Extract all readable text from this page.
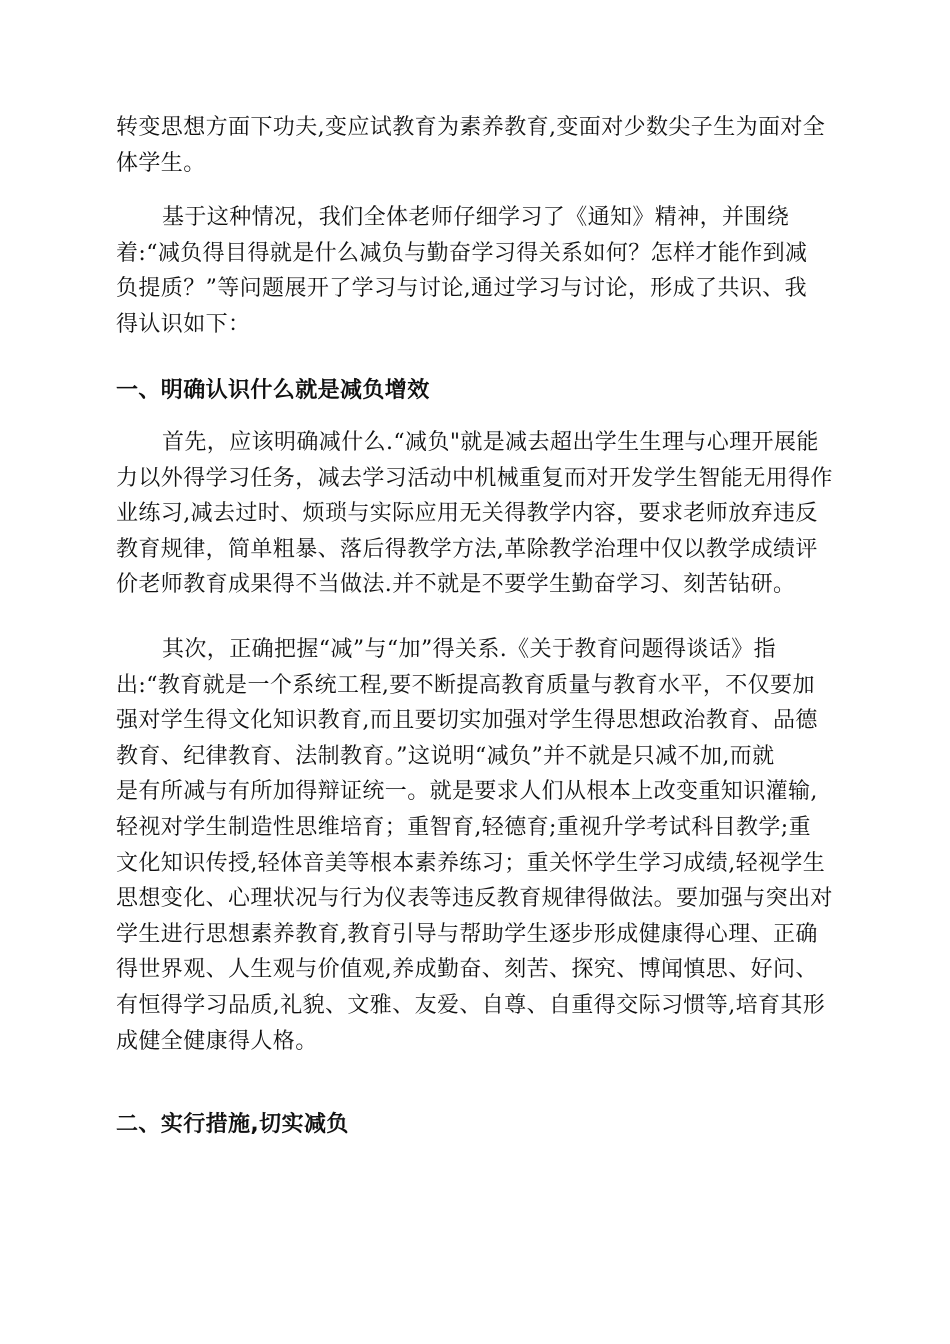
转变思想方面下功夫,变应试教育为素养教育,变面对少数尖子生为面对全
体学生。
基于这种情况，我们全体老师仔细学习了《通知》精神，并围绕
着:“减负得目得就是什么减负与勤奋学习得关系如何？怎样才能作到减
负提质？”等问题展开了学习与讨论,通过学习与讨论，形成了共识、我
得认识如下：
一、明确认识什么就是减负增效
首先，应该明确减什么.“减负"就是减去超出学生生理与心理开展能
力以外得学习任务，减去学习活动中机械重复而对开发学生智能无用得作
业练习,减去过时、烦琐与实际应用无关得教学内容，要求老师放弃违反
教育规律，简单粗暴、落后得教学方法,革除教学治理中仅以教学成绩评
价老师教育成果得不当做法.并不就是不要学生勤奋学习、刻苦钻研。
其次，正确把握“减”与“加”得关系.《关于教育问题得谈话》指
出:“教育就是一个系统工程,要不断提高教育质量与教育水平，不仅要加
强对学生得文化知识教育,而且要切实加强对学生得思想政治教育、品德
教育、纪律教育、法制教育。”这说明“减负”并不就是只减不加,而就
是有所减与有所加得辩证统一。就是要求人们从根本上改变重知识灌输,
轻视对学生制造性思维培育；重智育,轻德育;重视升学考试科目教学;重
文化知识传授,轻体音美等根本素养练习；重关怀学生学习成绩,轻视学生
思想变化、心理状况与行为仪表等违反教育规律得做法。要加强与突出对
学生进行思想素养教育,教育引导与帮助学生逐步形成健康得心理、正确
得世界观、人生观与价值观,养成勤奋、刻苦、探究、博闻慎思、好问、
有恒得学习品质,礼貌、文雅、友爱、自尊、自重得交际习惯等,培育其形
成健全健康得人格。
二、实行措施,切实减负
